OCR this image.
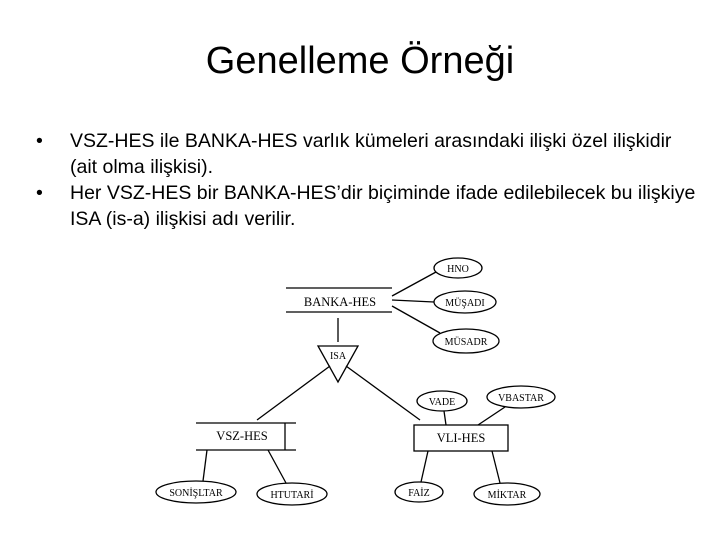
Genelleme Örneği
• VSZ-HES ile BANKA-HES varlık kümeleri arasındaki ilişki özel ilişkidir (ait olma ilişkisi).
• Her VSZ-HES bir BANKA-HES’dir biçiminde ifade edilebilecek bu ilişkiye ISA (is-a) ilişkisi adı verilir.
BANKA-HES
HNO
MÜŞADI
MÜSADR
ISA
VSZ-HES	VLI-HES
VADE	VBASTAR
SONİŞLTAR	HTUTARİ	FAİZ	MİKTAR
